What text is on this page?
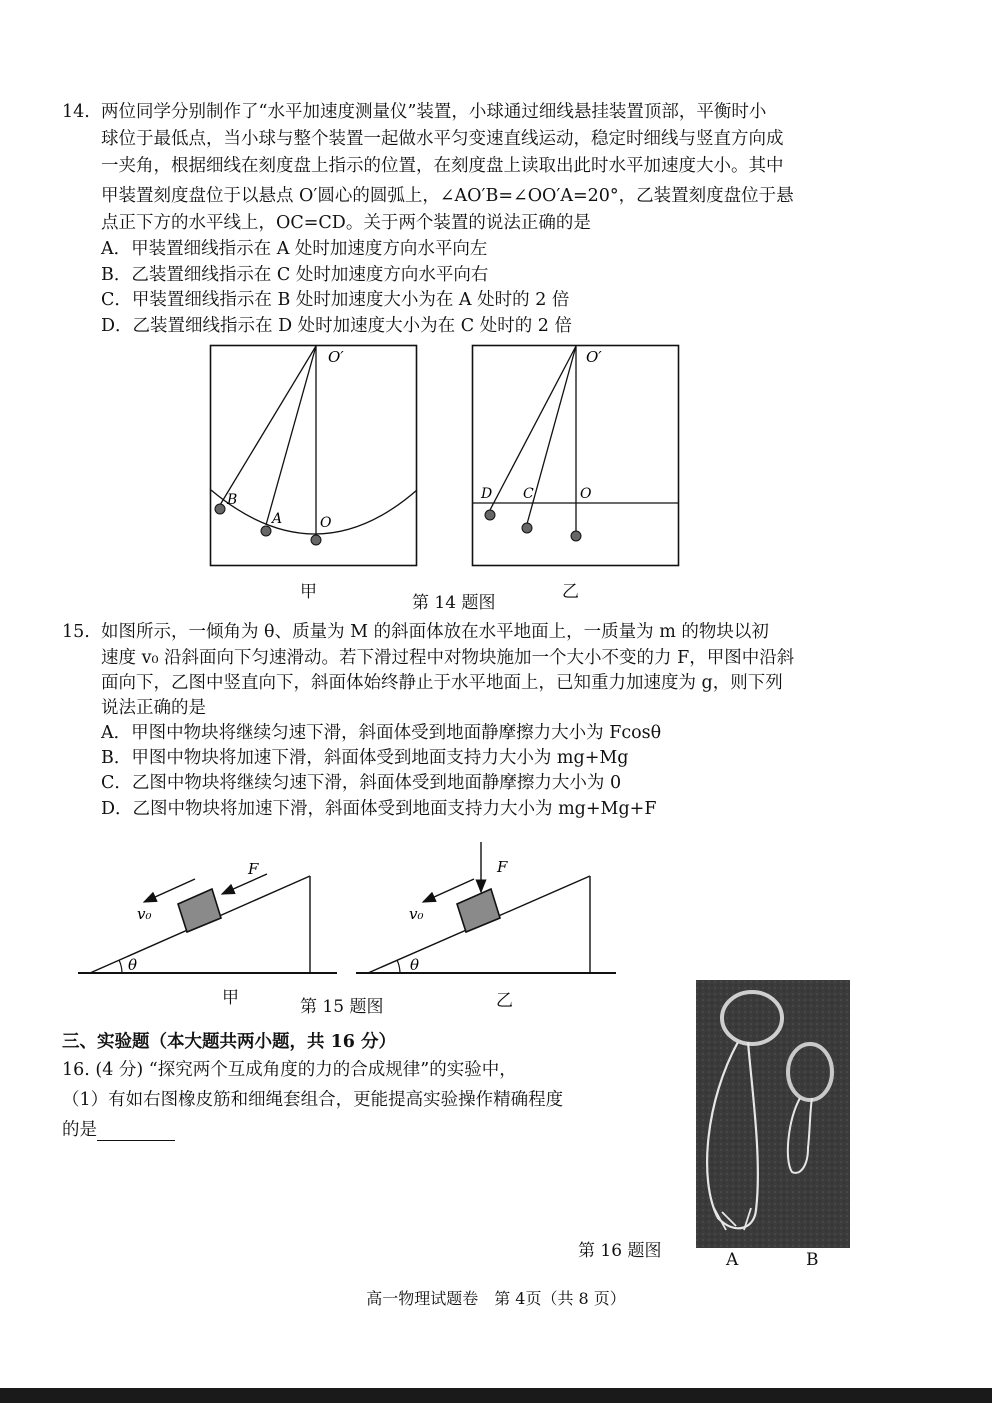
14. 两位同学分别制作了“水平加速度测量仪”装置，小球通过细线悬挂装置顶部，平衡时小
球位于最低点，当小球与整个装置一起做水平匀变速直线运动，稳定时细线与竖直方向成
一夹角，根据细线在刻度盘上指示的位置，在刻度盘上读取出此时水平加速度大小。其中
甲装置刻度盘位于以悬点 O′圆心的圆弧上，∠AO′B=∠OO′A=20°，乙装置刻度盘位于悬
点正下方的水平线上，OC=CD。关于两个装置的说法正确的是
A．甲装置细线指示在 A 处时加速度方向水平向左
B．乙装置细线指示在 C 处时加速度方向水平向右
C．甲装置细线指示在 B 处时加速度大小为在 A 处时的 2 倍
D．乙装置细线指示在 D 处时加速度大小为在 C 处时的 2 倍
O′
B
A	O
O′
D C	O
甲	乙
第 14 题图
15. 如图所示，一倾角为 θ、质量为 M 的斜面体放在水平地面上，一质量为 m 的物块以初
速度 v₀ 沿斜面向下匀速滑动。若下滑过程中对物块施加一个大小不变的力 F，甲图中沿斜
面向下，乙图中竖直向下，斜面体始终静止于水平地面上，已知重力加速度为 g，则下列
说法正确的是
A．甲图中物块将继续匀速下滑，斜面体受到地面静摩擦力大小为 Fcosθ
B．甲图中物块将加速下滑，斜面体受到地面支持力大小为 mg+Mg
C．乙图中物块将继续匀速下滑，斜面体受到地面静摩擦力大小为 0
D．乙图中物块将加速下滑，斜面体受到地面支持力大小为 mg+Mg+F
F
v₀
θ
F
v₀
θ
甲	乙
第 15 题图
三、实验题（本大题共两小题，共 16 分）
16. (4 分) “探究两个互成角度的力的合成规律”的实验中，
（1）有如右图橡皮筋和细绳套组合，更能提高实验操作精确程度
的是
第 16 题图	A	B
高一物理试题卷　第 4页（共 8 页）
